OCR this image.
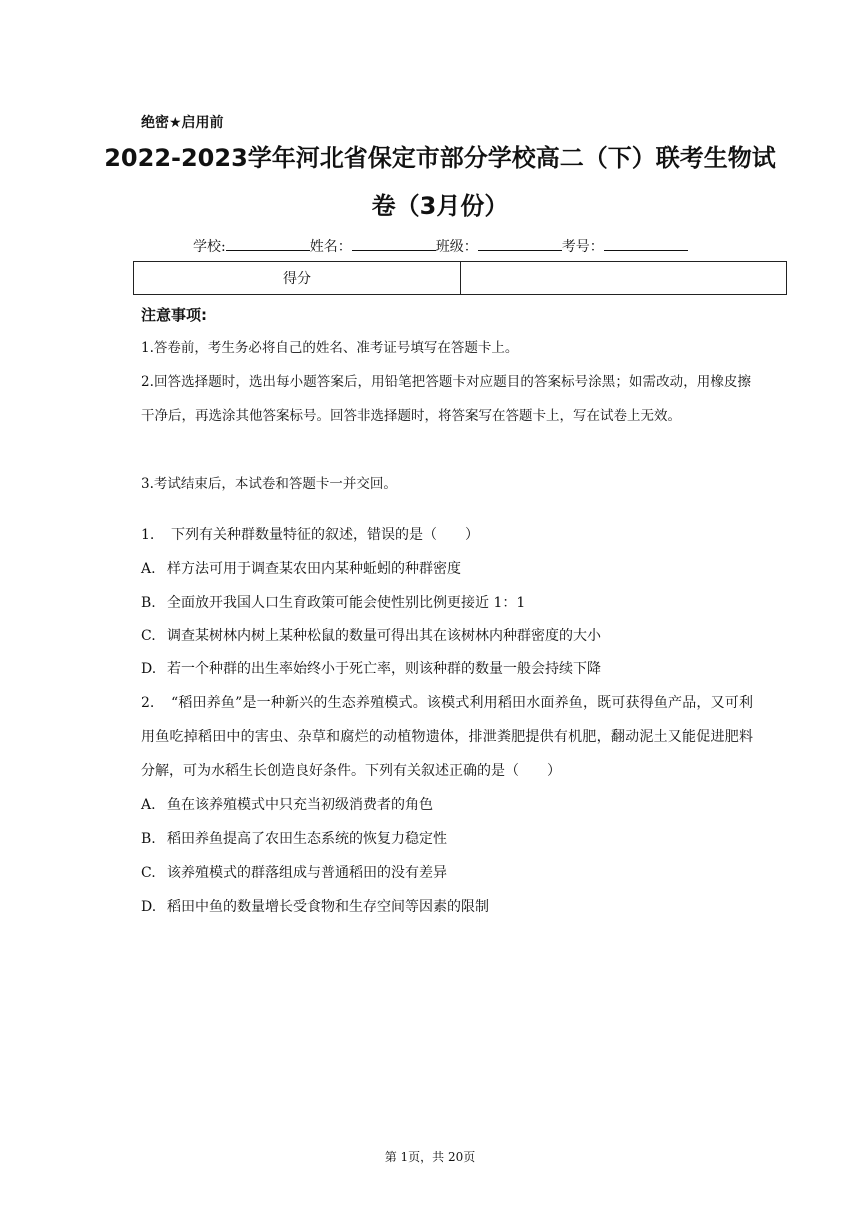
绝密★启用前
2022-2023学年河北省保定市部分学校高二（下）联考生物试
卷（3月份）
学校:	姓名：	班级：	考号：
得分	
注意事项:
1.答卷前，考生务必将自己的姓名、准考证号填写在答题卡上。
2.回答选择题时，选出每小题答案后，用铅笔把答题卡对应题目的答案标号涂黑；如需改动，用橡皮擦干净后，再选涂其他答案标号。回答非选择题时，将答案写在答题卡上，写在试卷上无效。
3.考试结束后，本试卷和答题卡一并交回。
1. 下列有关种群数量特征的叙述，错误的是（　　）
A. 样方法可用于调查某农田内某种蚯蚓的种群密度
B. 全面放开我国人口生育政策可能会使性别比例更接近 1：1
C. 调查某树林内树上某种松鼠的数量可得出其在该树林内种群密度的大小
D. 若一个种群的出生率始终小于死亡率，则该种群的数量一般会持续下降
2. “稻田养鱼”是一种新兴的生态养殖模式。该模式利用稻田水面养鱼，既可获得鱼产品，又可利用鱼吃掉稻田中的害虫、杂草和腐烂的动植物遗体，排泄粪肥提供有机肥，翻动泥土又能促进肥料分解，可为水稻生长创造良好条件。下列有关叙述正确的是（　　）
A. 鱼在该养殖模式中只充当初级消费者的角色
B. 稻田养鱼提高了农田生态系统的恢复力稳定性
C. 该养殖模式的群落组成与普通稻田的没有差异
D. 稻田中鱼的数量增长受食物和生存空间等因素的限制
第 1页，共 20页
